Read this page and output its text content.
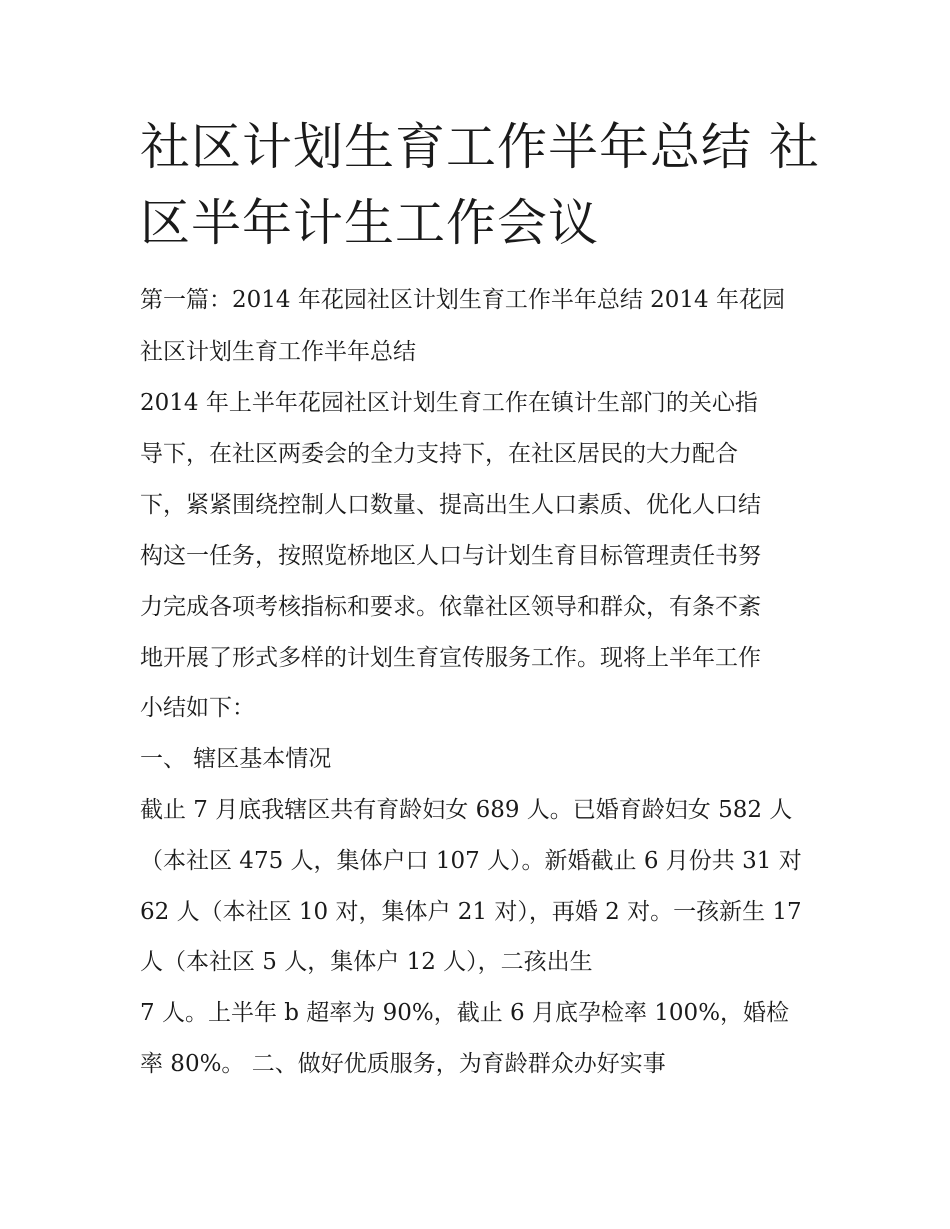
社区计划生育工作半年总结 社
区半年计生工作会议

第一篇：2014 年花园社区计划生育工作半年总结 2014 年花园

社区计划生育工作半年总结

2014 年上半年花园社区计划生育工作在镇计生部门的关心指

导下，在社区两委会的全力支持下，在社区居民的大力配合

下，紧紧围绕控制人口数量、提高出生人口素质、优化人口结

构这一任务，按照览桥地区人口与计划生育目标管理责任书努

力完成各项考核指标和要求。依靠社区领导和群众，有条不紊

地开展了形式多样的计划生育宣传服务工作。现将上半年工作

小结如下：

一、 辖区基本情况

截止 7 月底我辖区共有育龄妇女 689 人。已婚育龄妇女 582 人

（本社区 475 人，集体户口 107 人）。新婚截止 6 月份共 31 对

62 人（本社区 10 对，集体户 21 对），再婚 2 对。一孩新生 17

人（本社区 5 人，集体户 12 人），二孩出生

7 人。上半年 b 超率为 90%，截止 6 月底孕检率 100%，婚检

率 80%。 二、做好优质服务，为育龄群众办好实事
